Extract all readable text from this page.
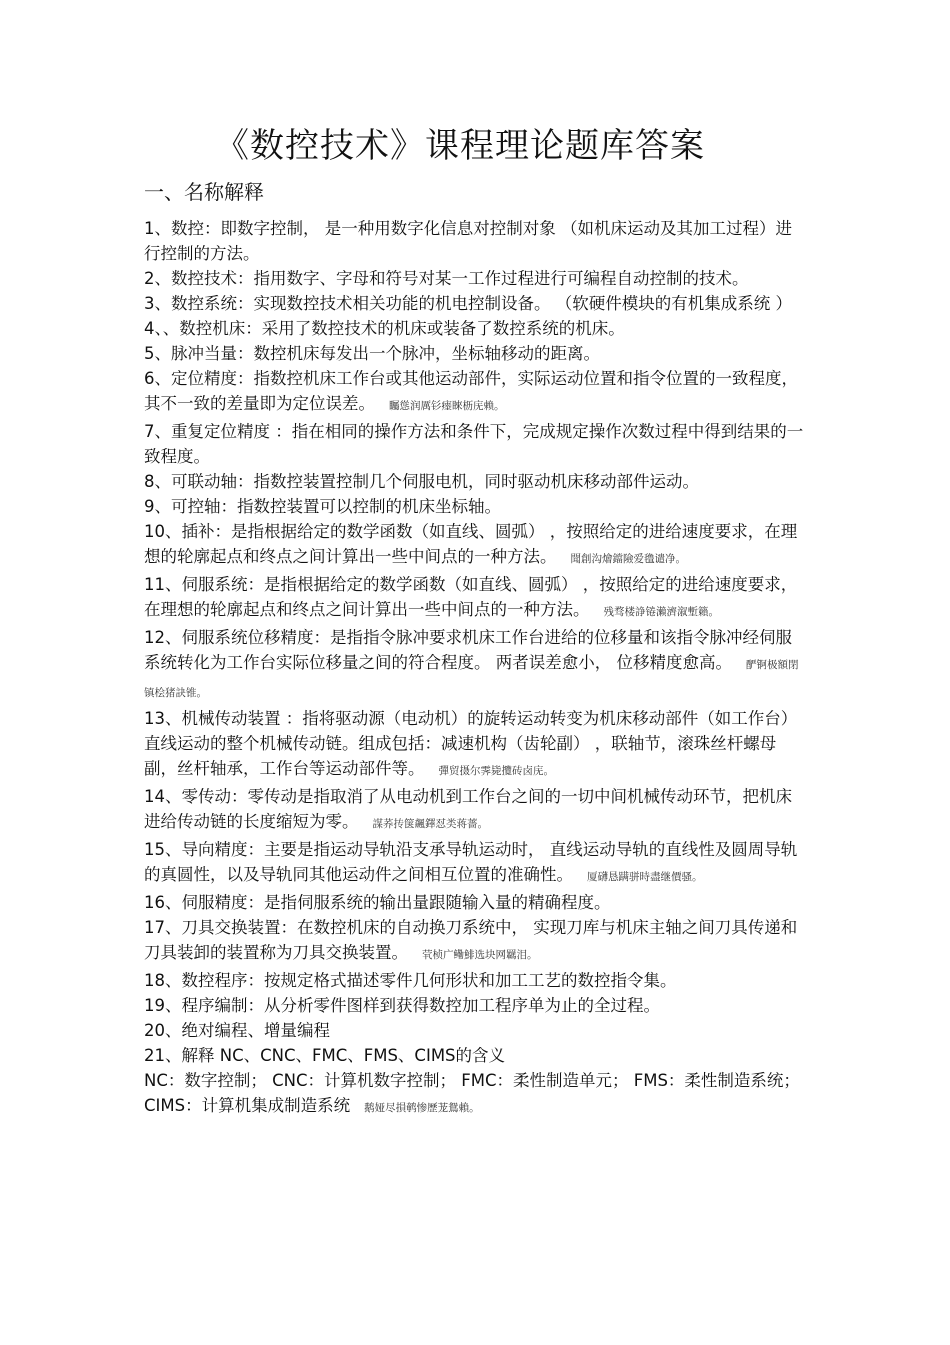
《数控技术》课程理论题库答案
一、名称解释

1、数控：即数字控制， 是一种用数字化信息对控制对象 （如机床运动及其加工过程）进行控制的方法。

2、数控技术：指用数字、字母和符号对某一工作过程进行可编程自动控制的技术。

3、数控系统：实现数控技术相关功能的机电控制设备。 （软硬件模块的有机集成系统 ）

4、、数控机床：采用了数控技术的机床或装备了数控系统的机床。

5、脉冲当量：数控机床每发出一个脉冲，坐标轴移动的距离。

6、定位精度：指数控机床工作台或其他运动部件，实际运动位置和指令位置的一致程度，其不一致的差量即为定位误差。 矚慫润厲钐瘗睞枥庑赖。

7、重复定位精度 ：指在相同的操作方法和条件下，完成规定操作次数过程中得到结果的一致程度。

8、可联动轴：指数控装置控制几个伺服电机，同时驱动机床移动部件运动。

9、可控轴：指数控装置可以控制的机床坐标轴。

10、插补：是指根据给定的数学函数（如直线、圆弧） ，按照给定的进给速度要求，在理想的轮廓起点和终点之间计算出一些中间点的一种方法。 聞創沟燴鐺險爱氇谴净。

11、伺服系统：是指根据给定的数学函数（如直线、圆弧） ，按照给定的进给速度要求，在理想的轮廓起点和终点之间计算出一些中间点的一种方法。 残骛楼諍锩瀨濟溆塹籟。

12、伺服系统位移精度：是指指令脉冲要求机床工作台进给的位移量和该指令脉冲经伺服系统转化为工作台实际位移量之间的符合程度。 两者误差愈小， 位移精度愈高。 酽锕极額閉镇桧猪訣锥。

13、机械传动装置 ：指将驱动源（电动机）的旋转运动转变为机床移动部件（如工作台）直线运动的整个机械传动链。组成包括：减速机构（齿轮副） ，联轴节，滚珠丝杆螺母副，丝杆轴承，工作台等运动部件等。 彈贸摄尔霁毙攬砖卤庑。

14、零传动：零传动是指取消了从电动机到工作台之间的一切中间机械传动环节，把机床进给传动链的长度缩短为零。 謀荞抟箧飆鐸怼类蒋薔。

15、导向精度：主要是指运动导轨沿支承导轨运动时， 直线运动导轨的直线性及圆周导轨的真圆性，以及导轨同其他运动件之间相互位置的准确性。 厦礴恳蹒骈時盡继價骚。

16、伺服精度：是指伺服系统的输出量跟随输入量的精确程度。

17、刀具交换装置：在数控机床的自动换刀系统中， 实现刀库与机床主轴之间刀具传递和刀具装卸的装置称为刀具交换装置。 茕桢广鳓鯡选块网羈泪。

18、数控程序：按规定格式描述零件几何形状和加工工艺的数控指令集。

19、程序编制：从分析零件图样到获得数控加工程序单为止的全过程。

20、绝对编程、增量编程

21、解释 NC、CNC、FMC、FMS、CIMS的含义

NC：数字控制； CNC：计算机数字控制； FMC：柔性制造单元； FMS：柔性制造系统；CIMS：计算机集成制造系统 鹅娅尽損鹌惨歷茏鴛賴。
